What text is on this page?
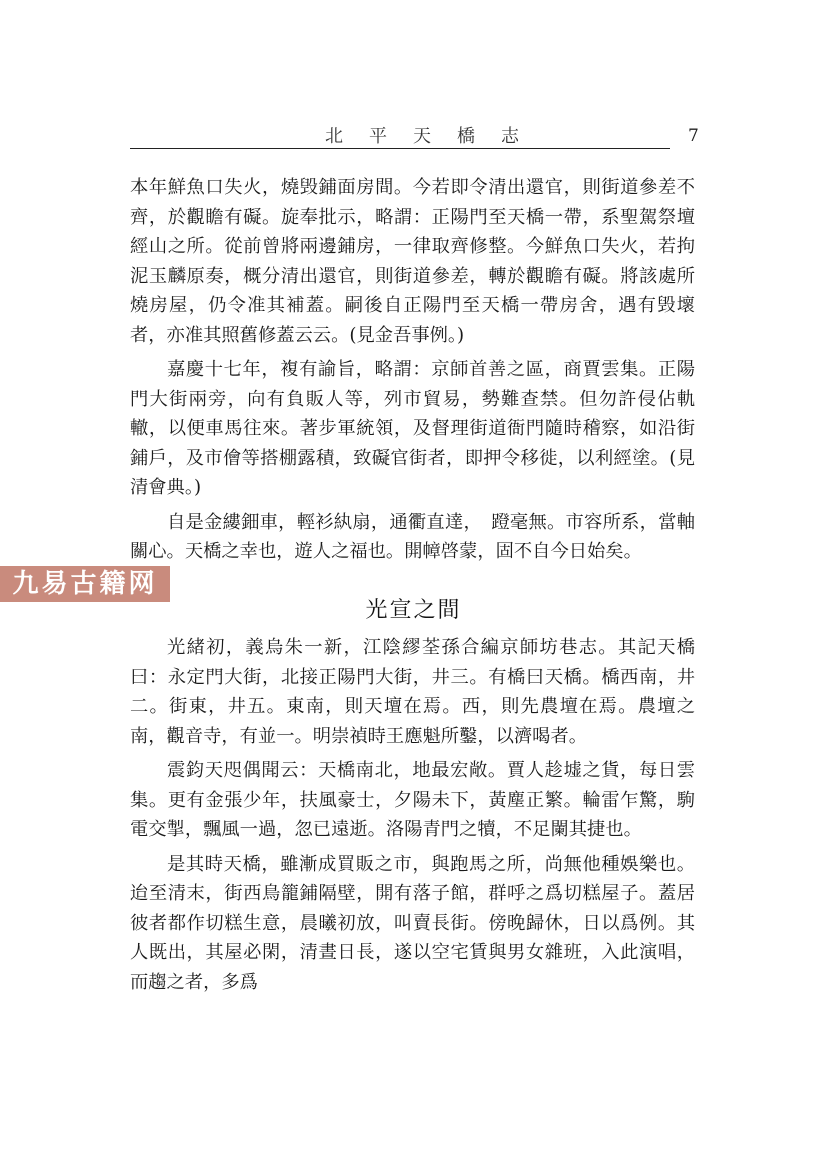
北平天橋志	7

本年鮮魚口失火，燒毁鋪面房間。今若即令清出還官，則街道參差不齊，於觀瞻有礙。旋奉批示，略謂：正陽門至天橋一帶，系聖駕祭壇經山之所。從前曾將兩邊鋪房，一律取齊修整。今鮮魚口失火，若拘泥玉麟原奏，概分清出還官，則街道參差，轉於觀瞻有礙。將該處所燒房屋，仍令准其補蓋。嗣後自正陽門至天橋一帶房舍，遇有毁壞者，亦准其照舊修蓋云云。(見金吾事例。)

嘉慶十七年，複有諭旨，略謂：京師首善之區，商賈雲集。正陽門大街兩旁，向有負販人等，列市貿易，勢難查禁。但勿許侵佔軌轍，以便車馬往來。著步軍統領，及督理街道衙門隨時稽察，如沿街鋪戶，及市儈等搭棚露積，致礙官街者，即押令移徙，以利經塗。(見清會典。)

自是金縷鈿車，輕衫紈扇，通衢直達，　蹬毫無。市容所系，當軸關心。天橋之幸也，遊人之福也。開幛啓蒙，固不自今日始矣。

九易古籍网
光宣之間

光緒初，義烏朱一新，江陰繆荃孫合編京師坊巷志。其記天橋曰：永定門大街，北接正陽門大街，井三。有橋曰天橋。橋西南，井二。街東，井五。東南，則天壇在焉。西，則先農壇在焉。農壇之南，觀音寺，有並一。明崇禎時王應魁所鑿，以濟喝者。

震鈞天咫偶聞云：天橋南北，地最宏敞。賈人趁墟之貨，每日雲集。更有金張少年，扶風豪士，夕陽未下，黃塵正繁。輪雷乍驚，駒電交掣，飄風一過，忽已遠逝。洛陽青門之犢，不足闌其捷也。

是其時天橋，雖漸成買販之市，與跑馬之所，尚無他種娛樂也。迨至清末，街西鳥籠鋪隔壁，開有落子館，群呼之爲切糕屋子。蓋居彼者都作切糕生意，晨曦初放，叫賣長街。傍晚歸休，日以爲例。其人既出，其屋必閑，清晝日長，遂以空宅賃與男女雜班，入此演唱，而趨之者，多爲
